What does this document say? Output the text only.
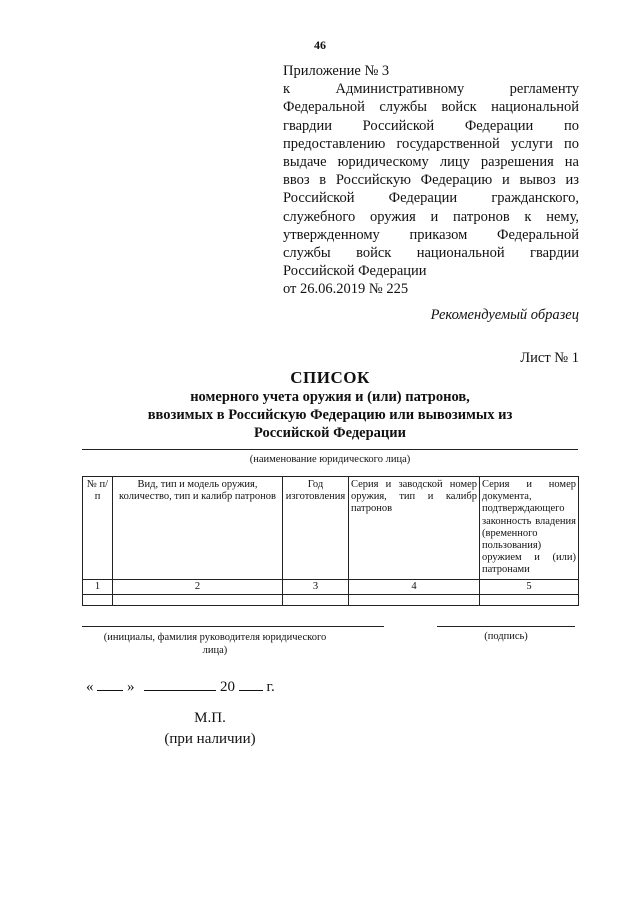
46
Приложение № 3
к Административному регламенту
Федеральной службы войск национальной
гвардии Российской Федерации по
предоставлению государственной услуги по
выдаче юридическому лицу разрешения на
ввоз в Российскую Федерацию и вывоз из
Российской Федерации гражданского,
служебного оружия и патронов к нему,
утвержденному приказом Федеральной
службы войск национальной гвардии
Российской Федерации
от 26.06.2019 № 225
Рекомендуемый образец
Лист № 1
СПИСОК
номерного учета оружия и (или) патронов,
ввозимых в Российскую Федерацию или вывозимых из
Российской Федерации
(наименование юридического лица)
№ п/п	Вид, тип и модель оружия, количество, тип и калибр патронов	Год изготовления	Серия и заводской номер оружия, тип и калибр патронов	Серия и номер документа, подтверждающего законность владения (временного пользования) оружием и (или) патронами
1	2	3	4	5

(инициалы, фамилия руководителя юридического лица)
(подпись)
« »	20 г.
М.П.
(при наличии)
